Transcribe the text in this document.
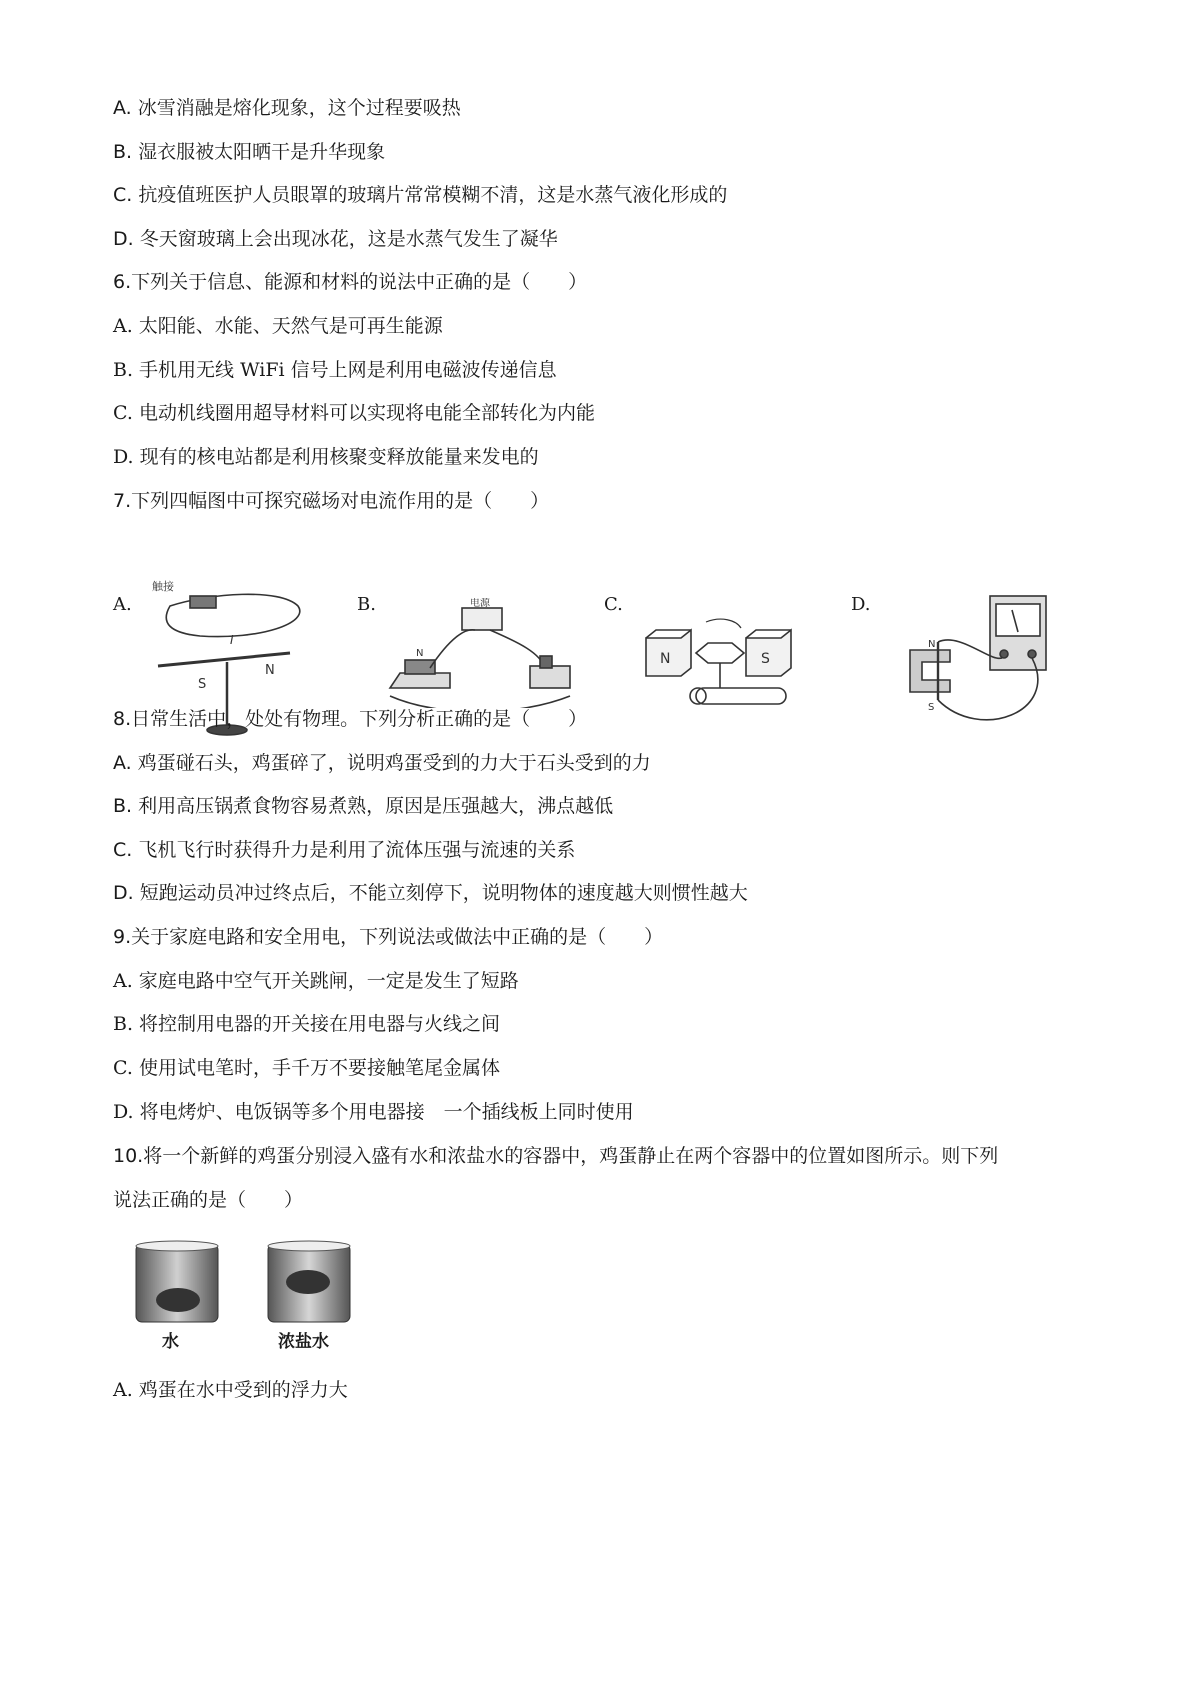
A. 冰雪消融是熔化现象，这个过程要吸热
B. 湿衣服被太阳晒干是升华现象
C. 抗疫值班医护人员眼罩的玻璃片常常模糊不清，这是水蒸气液化形成的
D. 冬天窗玻璃上会出现冰花，这是水蒸气发生了凝华
6.下列关于信息、能源和材料的说法中正确的是（　　）
A. 太阳能、水能、天然气是可再生能源
B. 手机用无线 WiFi 信号上网是利用电磁波传递信息
C. 电动机线圈用超导材料可以实现将电能全部转化为内能
D. 现有的核电站都是利用核聚变释放能量来发电的
7.下列四幅图中可探究磁场对电流作用的是（　　）
A.	B.	C.	D.
触接
I
S
N
电源
N	N	S
N
S
8.日常生活中，处处有物理。下列分析正确的是（　　）
A. 鸡蛋碰石头，鸡蛋碎了，说明鸡蛋受到的力大于石头受到的力
B. 利用高压锅煮食物容易煮熟，原因是压强越大，沸点越低
C. 飞机飞行时获得升力是利用了流体压强与流速的关系
D. 短跑运动员冲过终点后，不能立刻停下，说明物体的速度越大则惯性越大
9.关于家庭电路和安全用电，下列说法或做法中正确的是（　　）
A. 家庭电路中空气开关跳闸，一定是发生了短路
B. 将控制用电器的开关接在用电器与火线之间
C. 使用试电笔时，手千万不要接触笔尾金属体
D. 将电烤炉、电饭锅等多个用电器接　一个插线板上同时使用
10.将一个新鲜的鸡蛋分别浸入盛有水和浓盐水的容器中，鸡蛋静止在两个容器中的位置如图所示。则下列
说法正确的是（　　）
水	浓盐水
A. 鸡蛋在水中受到的浮力大
